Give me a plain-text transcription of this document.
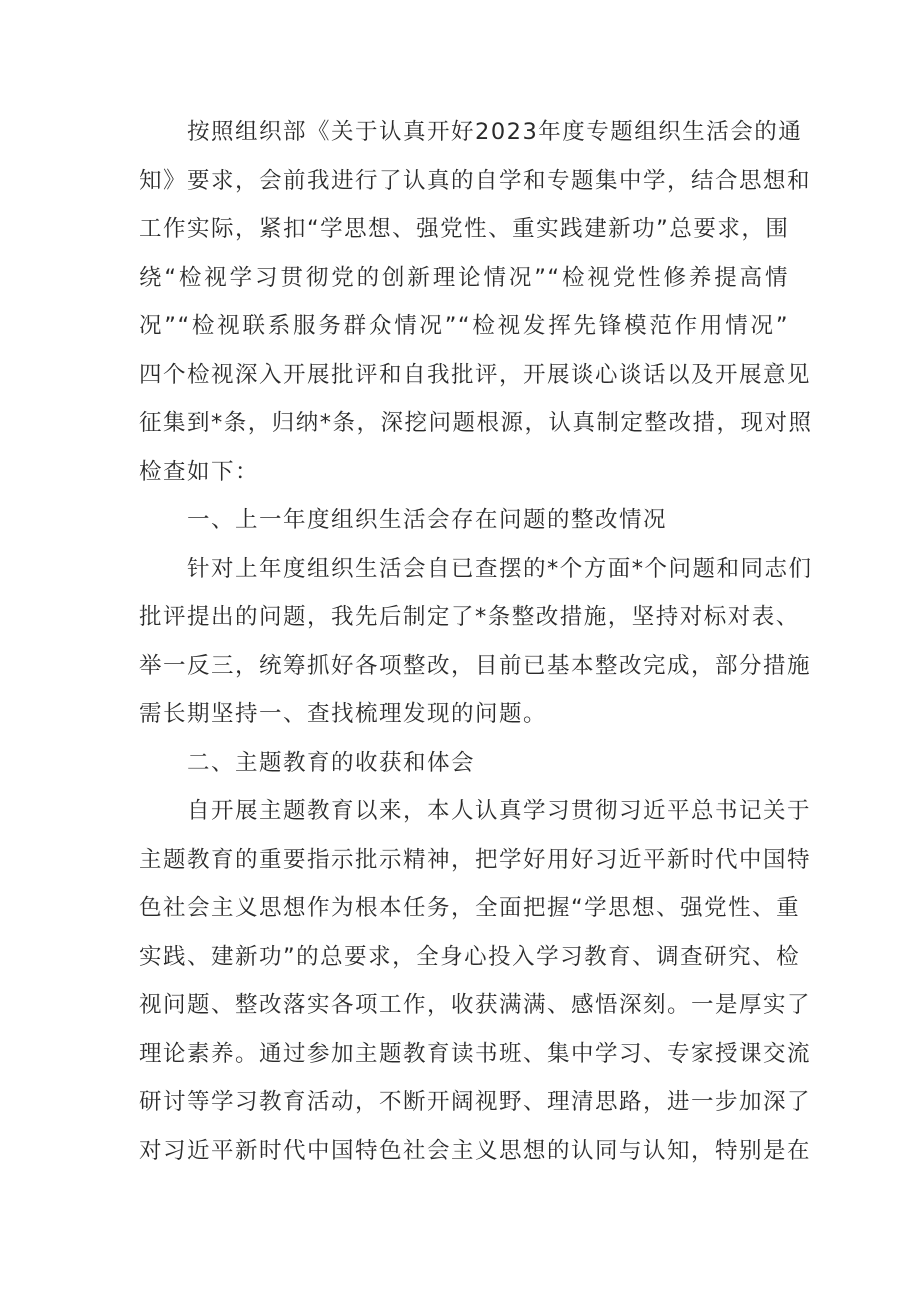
按照组织部《关于认真开好2023年度专题组织生活会的通
知》要求，会前我进行了认真的自学和专题集中学，结合思想和
工作实际，紧扣“学思想、强党性、重实践建新功”总要求，围
绕“检视学习贯彻党的创新理论情况”“检视党性修养提高情
况”“检视联系服务群众情况”“检视发挥先锋模范作用情况”
四个检视深入开展批评和自我批评，开展谈心谈话以及开展意见
征集到*条，归纳*条，深挖问题根源，认真制定整改措，现对照
检查如下：
一、上一年度组织生活会存在问题的整改情况
针对上年度组织生活会自已查摆的*个方面*个问题和同志们
批评提出的问题，我先后制定了*条整改措施，坚持对标对表、
举一反三，统筹抓好各项整改，目前已基本整改完成，部分措施
需长期坚持一、查找梳理发现的问题。
二、主题教育的收获和体会
自开展主题教育以来，本人认真学习贯彻习近平总书记关于
主题教育的重要指示批示精神，把学好用好习近平新时代中国特
色社会主义思想作为根本任务，全面把握“学思想、强党性、重
实践、建新功”的总要求，全身心投入学习教育、调查研究、检
视问题、整改落实各项工作，收获满满、感悟深刻。一是厚实了
理论素养。通过参加主题教育读书班、集中学习、专家授课交流
研讨等学习教育活动，不断开阔视野、理清思路，进一步加深了
对习近平新时代中国特色社会主义思想的认同与认知，特别是在
